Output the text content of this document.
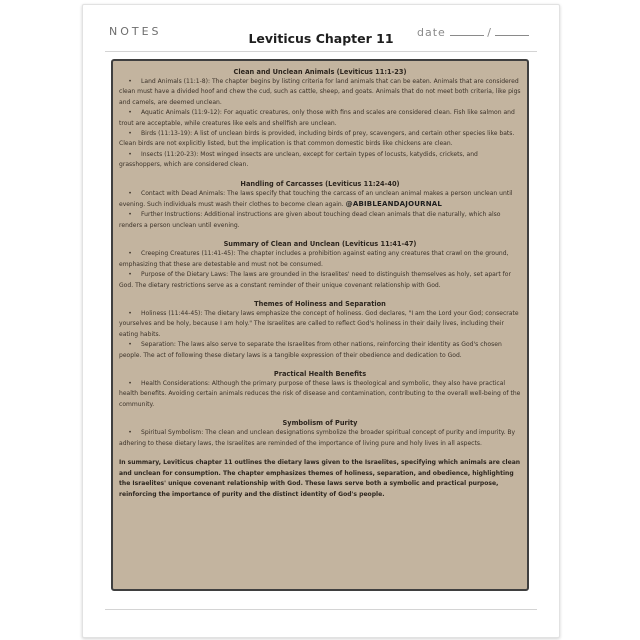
NOTES	Leviticus Chapter 11	date	/
Clean and Unclean Animals (Leviticus 11:1-23)
• Land Animals (11:1-8): The chapter begins by listing criteria for land animals that can be eaten. Animals that are considered clean must have a divided hoof and chew the cud, such as cattle, sheep, and goats. Animals that do not meet both criteria, like pigs and camels, are deemed unclean.
• Aquatic Animals (11:9-12): For aquatic creatures, only those with fins and scales are considered clean. Fish like salmon and trout are acceptable, while creatures like eels and shellfish are unclean.
• Birds (11:13-19): A list of unclean birds is provided, including birds of prey, scavengers, and certain other species like bats. Clean birds are not explicitly listed, but the implication is that common domestic birds like chickens are clean.
• Insects (11:20-23): Most winged insects are unclean, except for certain types of locusts, katydids, crickets, and grasshoppers, which are considered clean.
Handling of Carcasses (Leviticus 11:24-40)
• Contact with Dead Animals: The laws specify that touching the carcass of an unclean animal makes a person unclean until evening. Such individuals must wash their clothes to become clean again. @ABIBLEANDAJOURNAL
• Further Instructions: Additional instructions are given about touching dead clean animals that die naturally, which also renders a person unclean until evening.
Summary of Clean and Unclean (Leviticus 11:41-47)
• Creeping Creatures (11:41-45): The chapter includes a prohibition against eating any creatures that crawl on the ground, emphasizing that these are detestable and must not be consumed.
• Purpose of the Dietary Laws: The laws are grounded in the Israelites' need to distinguish themselves as holy, set apart for God. The dietary restrictions serve as a constant reminder of their unique covenant relationship with God.
Themes of Holiness and Separation
• Holiness (11:44-45): The dietary laws emphasize the concept of holiness. God declares, "I am the Lord your God; consecrate yourselves and be holy, because I am holy." The Israelites are called to reflect God's holiness in their daily lives, including their eating habits.
• Separation: The laws also serve to separate the Israelites from other nations, reinforcing their identity as God's chosen people. The act of following these dietary laws is a tangible expression of their obedience and dedication to God.
Practical Health Benefits
• Health Considerations: Although the primary purpose of these laws is theological and symbolic, they also have practical health benefits. Avoiding certain animals reduces the risk of disease and contamination, contributing to the overall well-being of the community.
Symbolism of Purity
• Spiritual Symbolism: The clean and unclean designations symbolize the broader spiritual concept of purity and impurity. By adhering to these dietary laws, the Israelites are reminded of the importance of living pure and holy lives in all aspects.
In summary, Leviticus chapter 11 outlines the dietary laws given to the Israelites, specifying which animals are clean and unclean for consumption. The chapter emphasizes themes of holiness, separation, and obedience, highlighting the Israelites' unique covenant relationship with God. These laws serve both a symbolic and practical purpose, reinforcing the importance of purity and the distinct identity of God's people.
